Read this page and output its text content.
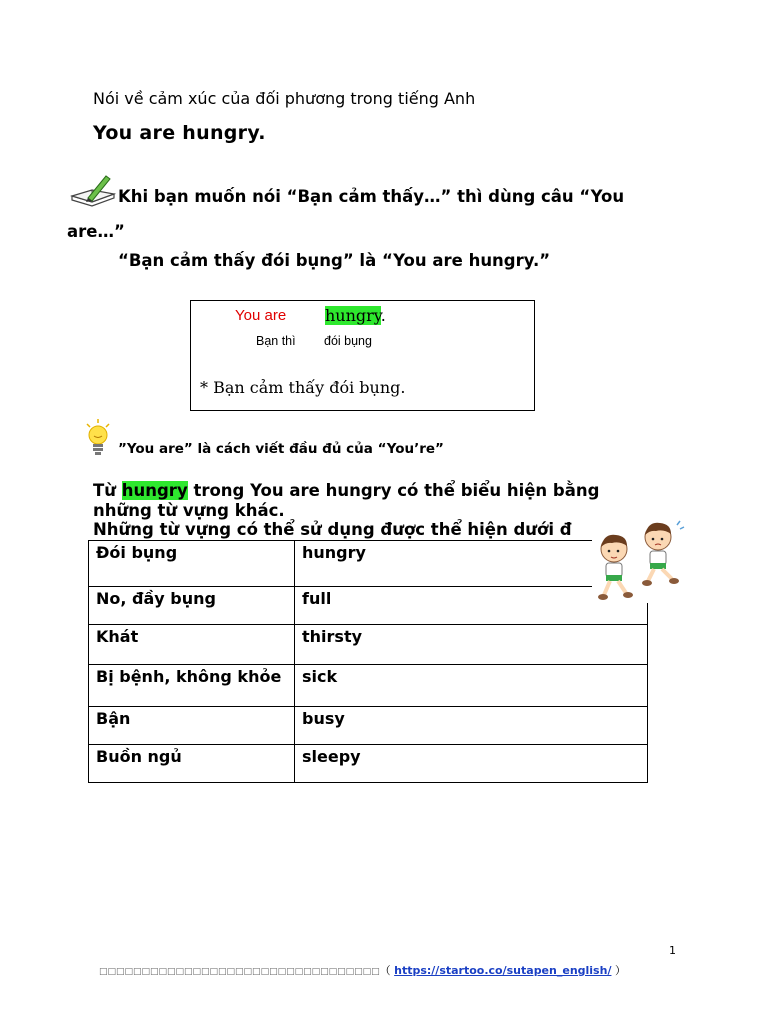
Nói về cảm xúc của đối phương trong tiếng Anh
You are hungry.
Khi bạn muốn nói “Bạn cảm thấy…” thì dùng câu “You
are…”
“Bạn cảm thấy đói bụng” là “You are hungry.”
You are hungry.
Bạn thì đói bụng
* Bạn cảm thấy đói bụng.
”You are” là cách viết đầu đủ của “You’re”
Từ hungry trong You are hungry có thể biểu hiện bằng
những từ vựng khác.
Những từ vựng có thể sử dụng được thể hiện dưới đ
Đói bụng	hungry
No, đầy bụng	full
Khát	thirsty
Bị bệnh, không khỏe	sick
Bận	busy
Buồn ngủ	sleepy
1
□□□□□□□□□□□□□□□□□□□□□□□□□□□□□□□□□（ https://startoo.co/sutapen_english/ ）
